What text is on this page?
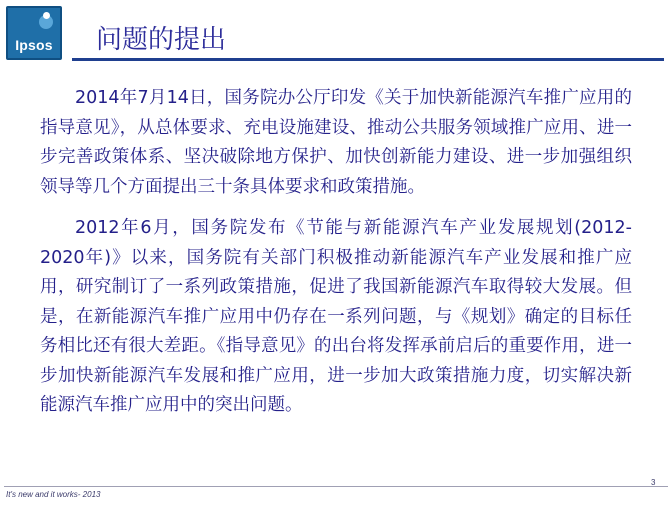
Ipsos 问题的提出

2014年7月14日，国务院办公厅印发《关于加快新能源汽车推广应用的指导意见》，从总体要求、充电设施建设、推动公共服务领域推广应用、进一步完善政策体系、坚决破除地方保护、加快创新能力建设、进一步加强组织领导等几个方面提出三十条具体要求和政策措施。

2012年6月，国务院发布《节能与新能源汽车产业发展规划(2012-2020年)》以来，国务院有关部门积极推动新能源汽车产业发展和推广应用，研究制订了一系列政策措施，促进了我国新能源汽车取得较大发展。但是，在新能源汽车推广应用中仍存在一系列问题，与《规划》确定的目标任务相比还有很大差距。《指导意见》的出台将发挥承前启后的重要作用，进一步加快新能源汽车发展和推广应用，进一步加大政策措施力度，切实解决新能源汽车推广应用中的突出问题。

It's new and it works- 2013
3
